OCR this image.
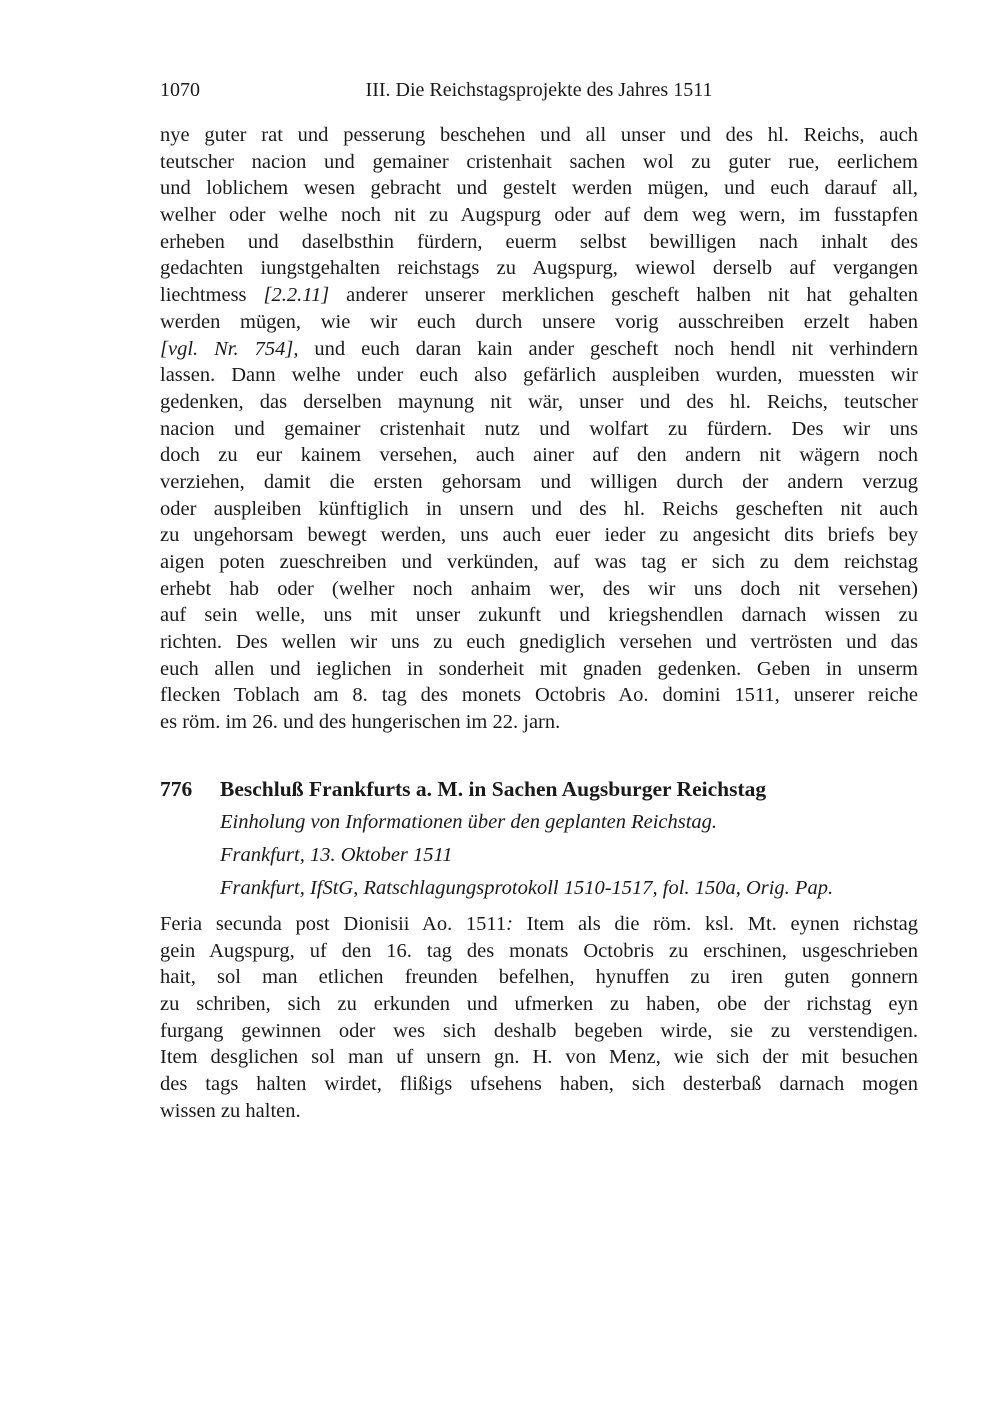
1070	III. Die Reichstagsprojekte des Jahres 1511
nye guter rat und pesserung beschehen und all unser und des hl. Reichs, auch
teutscher nacion und gemainer cristenhait sachen wol zu guter rue, eerlichem
und loblichem wesen gebracht und gestelt werden mügen, und euch darauf all,
welher oder welhe noch nit zu Augspurg oder auf dem weg wern, im fusstapfen
erheben und daselbsthin fürdern, euerm selbst bewilligen nach inhalt des
gedachten iungstgehalten reichstags zu Augspurg, wiewol derselb auf vergangen
liechtmess [2.2.11] anderer unserer merklichen gescheft halben nit hat gehalten
werden mügen, wie wir euch durch unsere vorig ausschreiben erzelt haben
[vgl. Nr. 754], und euch daran kain ander gescheft noch hendl nit verhindern
lassen. Dann welhe under euch also gefärlich auspleiben wurden, muessten wir
gedenken, das derselben maynung nit wär, unser und des hl. Reichs, teutscher
nacion und gemainer cristenhait nutz und wolfart zu fürdern. Des wir uns
doch zu eur kainem versehen, auch ainer auf den andern nit wägern noch
verziehen, damit die ersten gehorsam und willigen durch der andern verzug
oder auspleiben künftiglich in unsern und des hl. Reichs gescheften nit auch
zu ungehorsam bewegt werden, uns auch euer ieder zu angesicht dits briefs bey
aigen poten zueschreiben und verkünden, auf was tag er sich zu dem reichstag
erhebt hab oder (welher noch anhaim wer, des wir uns doch nit versehen)
auf sein welle, uns mit unser zukunft und kriegshendlen darnach wissen zu
richten. Des wellen wir uns zu euch gnediglich versehen und vertrösten und das
euch allen und ieglichen in sonderheit mit gnaden gedenken. Geben in unserm
flecken Toblach am 8. tag des monets Octobris Ao. domini 1511, unserer reiche
es röm. im 26. und des hungerischen im 22. jarn.
776 Beschluß Frankfurts a. M. in Sachen Augsburger Reichstag

Einholung von Informationen über den geplanten Reichstag.

Frankfurt, 13. Oktober 1511

Frankfurt, IfStG, Ratschlagungsprotokoll 1510-1517, fol. 150a, Orig. Pap.

Feria secunda post Dionisii Ao. 1511: Item als die röm. ksl. Mt. eynen richstag
gein Augspurg, uf den 16. tag des monats Octobris zu erschinen, usgeschrieben
hait, sol man etlichen freunden befelhen, hynuffen zu iren guten gonnern
zu schriben, sich zu erkunden und ufmerken zu haben, obe der richstag eyn
furgang gewinnen oder wes sich deshalb begeben wirde, sie zu verstendigen.
Item desglichen sol man uf unsern gn. H. von Menz, wie sich der mit besuchen
des tags halten wirdet, flißigs ufsehens haben, sich desterbaß darnach mogen
wissen zu halten.
